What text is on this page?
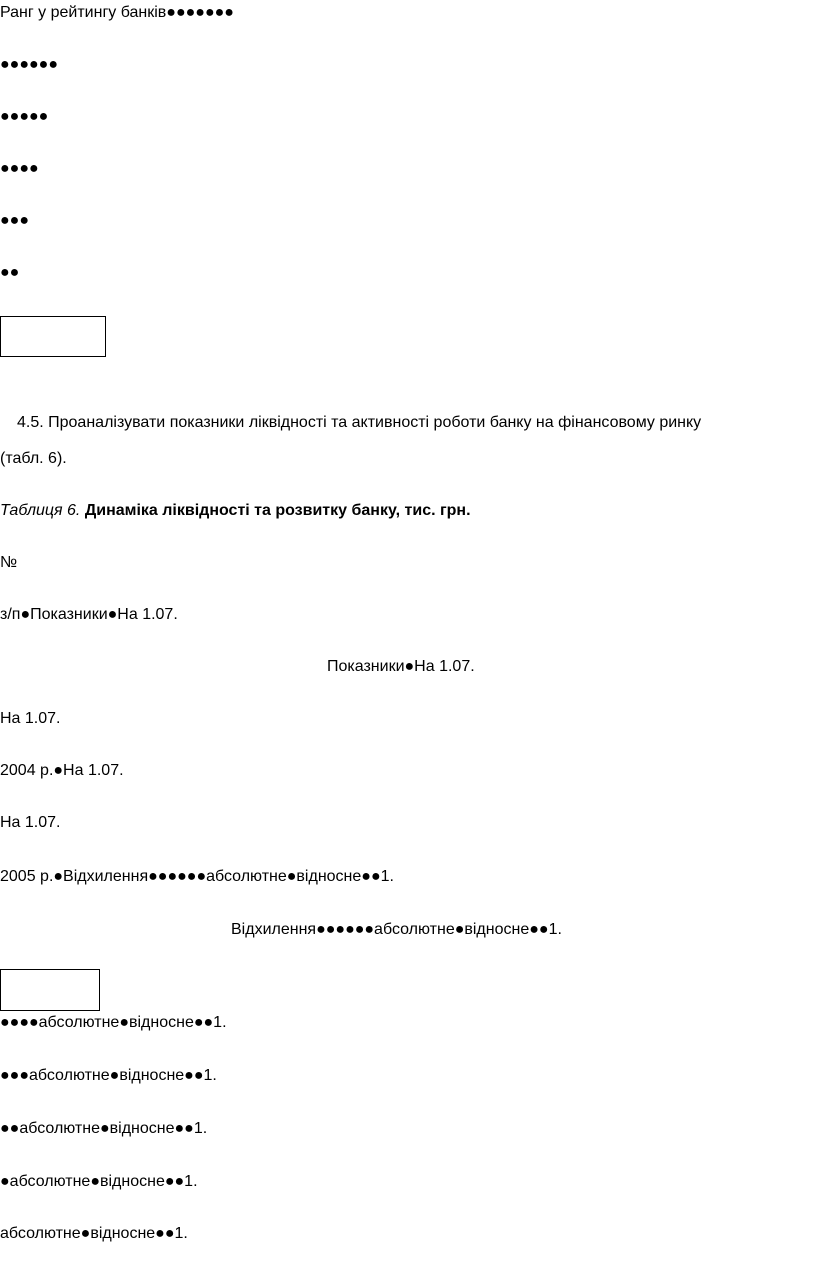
Ранг у рейтингу банків●●●●●●●

●●●●●●

●●●●●

●●●●

●●●

●●

4.5. Проаналізувати показники ліквідності та активності роботи банку на фінансовому ринку

(табл. 6).

Таблиця 6. Динаміка ліквідності та розвитку банку, тис. грн.

№

з/п●Показники●На 1.07.

Показники●На 1.07.

На 1.07.

2004 р.●На 1.07.

На 1.07.

2005 р.●Відхилення●●●●●●абсолютне●відносне●●1.

Відхилення●●●●●●абсолютне●відносне●●1.

●●●●абсолютне●відносне●●1.

●●●абсолютне●відносне●●1.

●●абсолютне●відносне●●1.

●абсолютне●відносне●●1.

абсолютне●відносне●●1.
